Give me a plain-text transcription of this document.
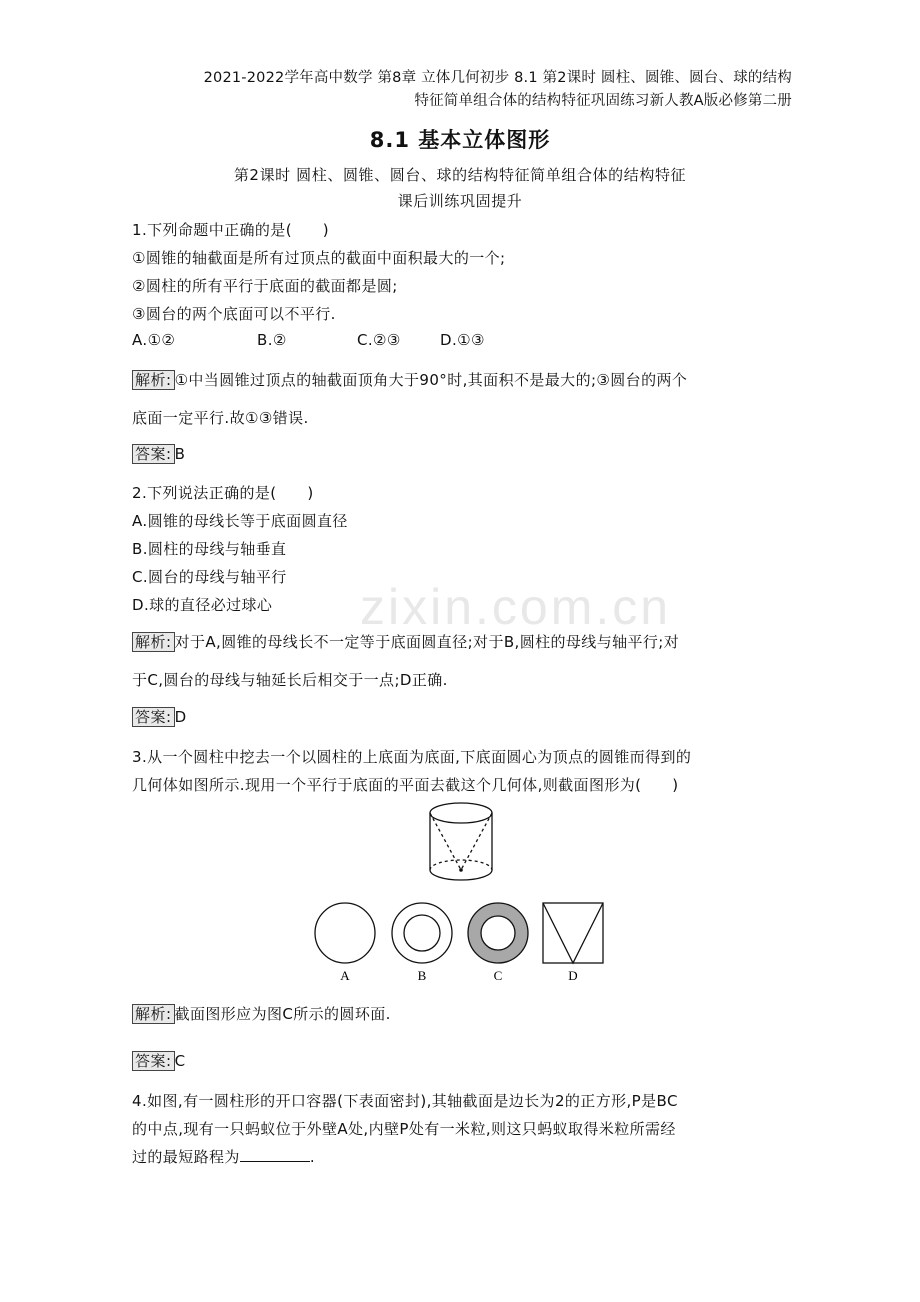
zixin.com.cn

2021-2022学年高中数学 第8章 立体几何初步 8.1 第2课时 圆柱、圆锥、圆台、球的结构

特征简单组合体的结构特征巩固练习新人教A版必修第二册

8.1 基本立体图形

第2课时 圆柱、圆锥、圆台、球的结构特征简单组合体的结构特征

课后训练巩固提升

1.下列命题中正确的是(　　)

①圆锥的轴截面是所有过顶点的截面中面积最大的一个;

②圆柱的所有平行于底面的截面都是圆;

③圆台的两个底面可以不平行.

A.①②	B.②	C.②③	D.①③

解析: ①中当圆锥过顶点的轴截面顶角大于90°时,其面积不是最大的;③圆台的两个

底面一定平行.故①③错误.

答案: B

2.下列说法正确的是(　　)

A.圆锥的母线长等于底面圆直径

B.圆柱的母线与轴垂直

C.圆台的母线与轴平行

D.球的直径必过球心

解析: 对于A,圆锥的母线长不一定等于底面圆直径;对于B,圆柱的母线与轴平行;对

于C,圆台的母线与轴延长后相交于一点;D正确.

答案: D

3.从一个圆柱中挖去一个以圆柱的上底面为底面,下底面圆心为顶点的圆锥而得到的

几何体如图所示.现用一个平行于底面的平面去截这个几何体,则截面图形为(　　)

A	B	C	D

解析: 截面图形应为图C所示的圆环面.

答案: C

4.如图,有一圆柱形的开口容器(下表面密封),其轴截面是边长为2的正方形,P是BC

的中点,现有一只蚂蚁位于外壁A处,内壁P处有一米粒,则这只蚂蚁取得米粒所需经

过的最短路程为	.
